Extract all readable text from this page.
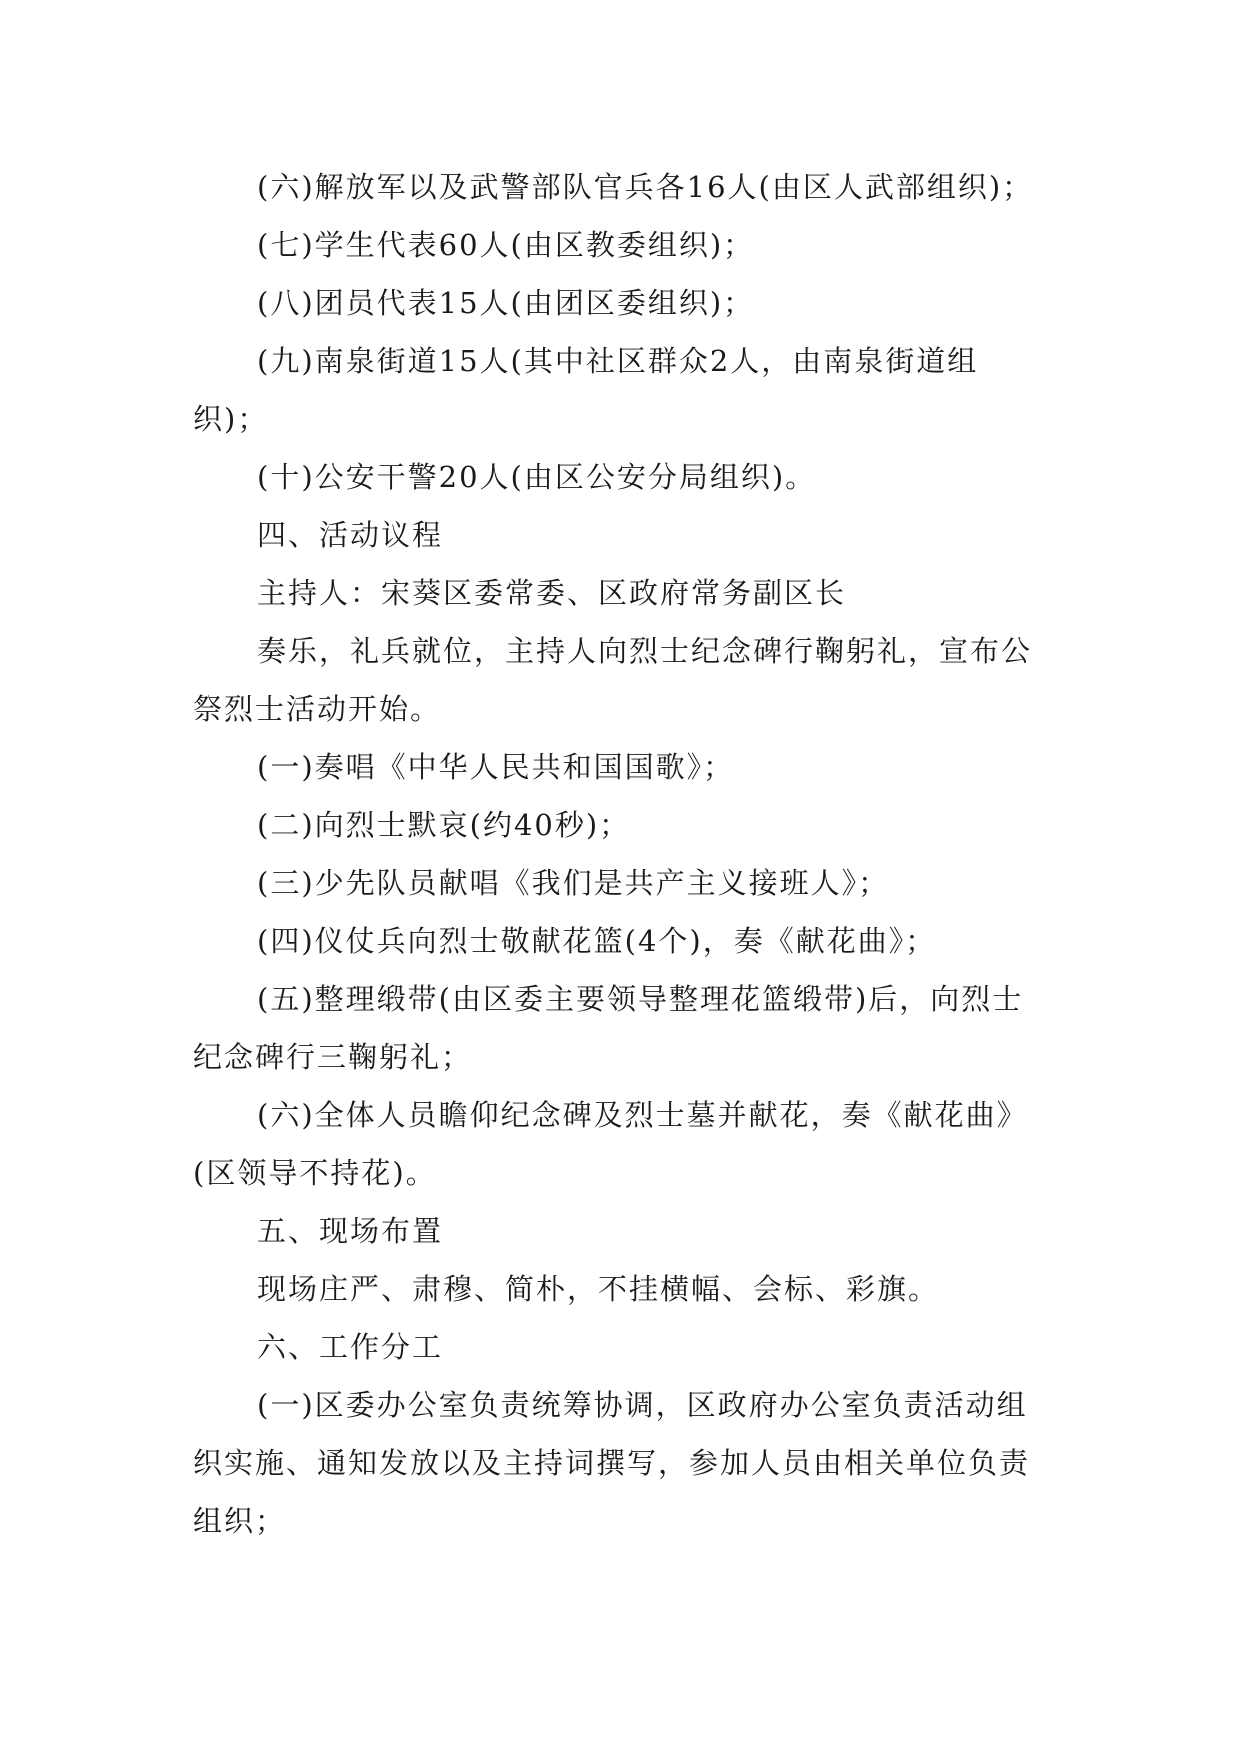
(六)解放军以及武警部队官兵各16人(由区人武部组织)；

(七)学生代表60人(由区教委组织)；

(八)团员代表15人(由团区委组织)；

(九)南泉街道15人(其中社区群众2人，由南泉街道组织)；

(十)公安干警20人(由区公安分局组织)。

四、活动议程

主持人：宋葵区委常委、区政府常务副区长

奏乐，礼兵就位，主持人向烈士纪念碑行鞠躬礼，宣布公祭烈士活动开始。

(一)奏唱《中华人民共和国国歌》；

(二)向烈士默哀(约40秒)；

(三)少先队员献唱《我们是共产主义接班人》；

(四)仪仗兵向烈士敬献花篮(4个)，奏《献花曲》；

(五)整理缎带(由区委主要领导整理花篮缎带)后，向烈士纪念碑行三鞠躬礼；

(六)全体人员瞻仰纪念碑及烈士墓并献花，奏《献花曲》(区领导不持花)。

五、现场布置

现场庄严、肃穆、简朴，不挂横幅、会标、彩旗。

六、工作分工

(一)区委办公室负责统筹协调，区政府办公室负责活动组织实施、通知发放以及主持词撰写，参加人员由相关单位负责组织；
